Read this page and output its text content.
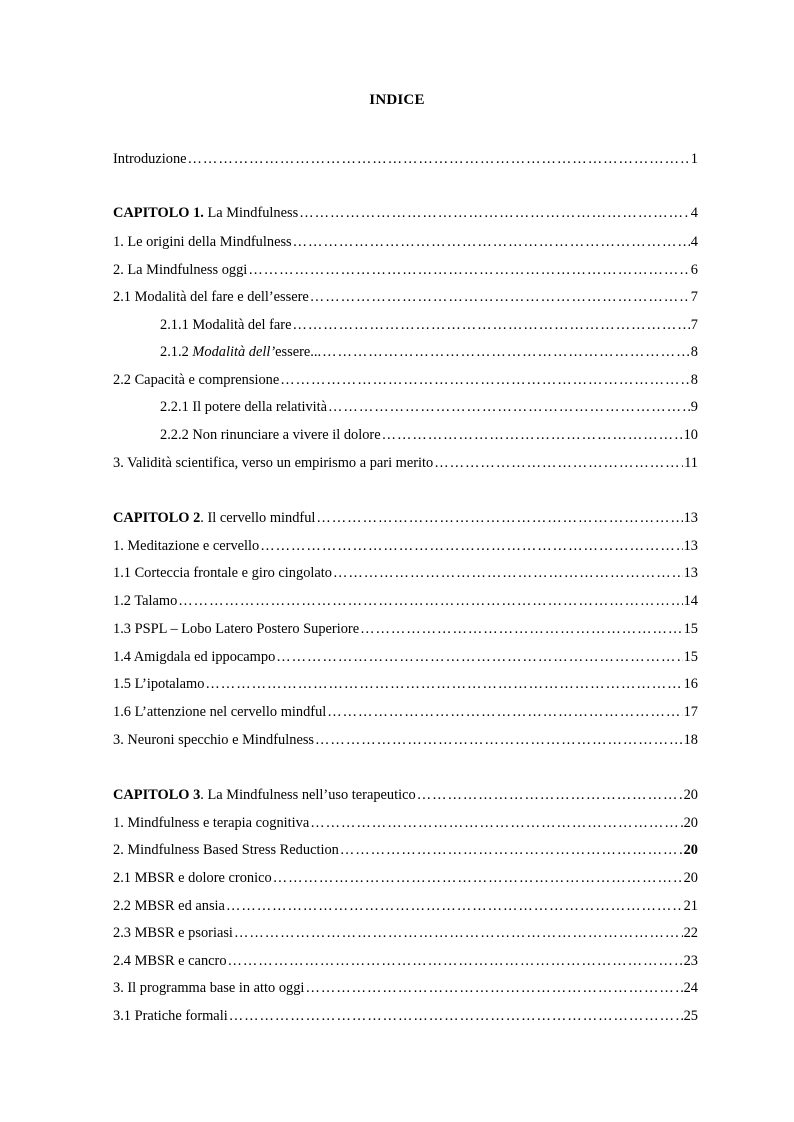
INDICE
Introduzione ………………………………………………………………………………………………………………………………………………………	1
CAPITOLO 1. La Mindfulness ………………………………………………………………………………………………………………………………………………………	4
1. Le origini della Mindfulness ………………………………………………………………………………………………………………………………………………………	4
2. La Mindfulness oggi ………………………………………………………………………………………………………………………………………………………	6
2.1 Modalità del fare e dell’essere ………………………………………………………………………………………………………………………………………………………	7
2.1.1 Modalità del fare ………………………………………………………………………………………………………………………………………………………	7
2.1.2 Modalità dell’essere... ………………………………………………………………………………………………………………………………………………………	8
2.2 Capacità e comprensione ………………………………………………………………………………………………………………………………………………………	8
2.2.1 Il potere della relatività ………………………………………………………………………………………………………………………………………………………	9
2.2.2 Non rinunciare a vivere il dolore ………………………………………………………………………………………………………………………………………………………	10
3. Validità scientifica, verso un empirismo a pari merito ………………………………………………………………………………………………………………………………………………………	11
CAPITOLO 2. Il cervello mindful ………………………………………………………………………………………………………………………………………………………	13
1. Meditazione e cervello ………………………………………………………………………………………………………………………………………………………	13
1.1 Corteccia frontale e giro cingolato ………………………………………………………………………………………………………………………………………………………	13
1.2 Talamo ………………………………………………………………………………………………………………………………………………………	14
1.3 PSPL – Lobo Latero Postero Superiore ………………………………………………………………………………………………………………………………………………………	15
1.4 Amigdala ed ippocampo ………………………………………………………………………………………………………………………………………………………	15
1.5 L’ipotalamo ………………………………………………………………………………………………………………………………………………………	16
1.6 L’attenzione nel cervello mindful ………………………………………………………………………………………………………………………………………………………	17
3. Neuroni specchio e Mindfulness ………………………………………………………………………………………………………………………………………………………	18
CAPITOLO 3. La Mindfulness nell’uso terapeutico ………………………………………………………………………………………………………………………………………………………	20
1. Mindfulness e terapia cognitiva ………………………………………………………………………………………………………………………………………………………	20
2. Mindfulness Based Stress Reduction ………………………………………………………………………………………………………………………………………………………	20
2.1 MBSR e dolore cronico ………………………………………………………………………………………………………………………………………………………	20
2.2 MBSR ed ansia ………………………………………………………………………………………………………………………………………………………	21
2.3 MBSR e psoriasi ………………………………………………………………………………………………………………………………………………………	22
2.4 MBSR e cancro ………………………………………………………………………………………………………………………………………………………	23
3. Il programma base in atto oggi ………………………………………………………………………………………………………………………………………………………	24
3.1 Pratiche formali ………………………………………………………………………………………………………………………………………………………	25
